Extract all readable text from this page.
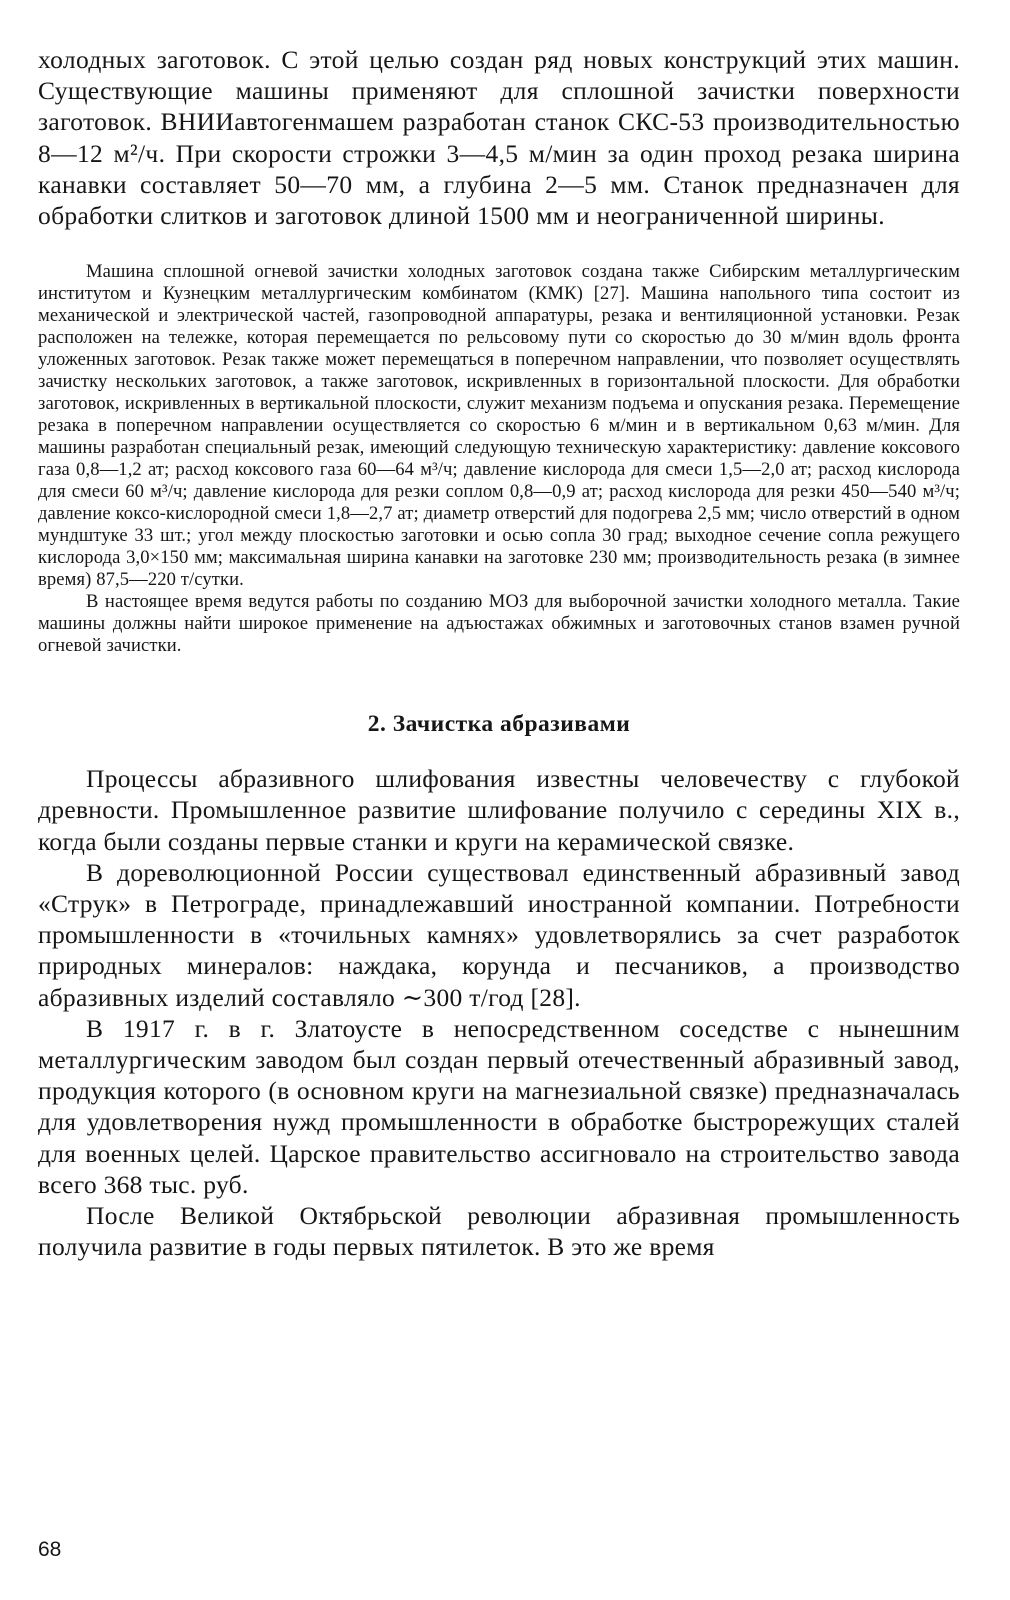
холодных заготовок. С этой целью создан ряд новых конструкций этих машин. Существующие машины применяют для сплошной зачистки поверхности заготовок. ВНИИавтогенмашем разработан станок СКС-53 производительностью 8—12 м²/ч. При скорости строжки 3—4,5 м/мин за один проход резака ширина канавки составляет 50—70 мм, а глубина 2—5 мм. Станок предназначен для обработки слитков и заготовок длиной 1500 мм и неограниченной ширины.

Машина сплошной огневой зачистки холодных заготовок создана также Сибирским металлургическим институтом и Кузнецким металлургическим комбинатом (КМК) [27]. Машина напольного типа состоит из механической и электрической частей, газопроводной аппаратуры, резака и вентиляционной установки. Резак расположен на тележке, которая перемещается по рельсовому пути со скоростью до 30 м/мин вдоль фронта уложенных заготовок. Резак также может перемещаться в поперечном направлении, что позволяет осуществлять зачистку нескольких заготовок, а также заготовок, искривленных в горизонтальной плоскости. Для обработки заготовок, искривленных в вертикальной плоскости, служит механизм подъема и опускания резака. Перемещение резака в поперечном направлении осуществляется со скоростью 6 м/мин и в вертикальном 0,63 м/мин. Для машины разработан специальный резак, имеющий следующую техническую характеристику: давление коксового газа 0,8—1,2 ат; расход коксового газа 60—64 м³/ч; давление кислорода для смеси 1,5—2,0 ат; расход кислорода для смеси 60 м³/ч; давление кислорода для резки соплом 0,8—0,9 ат; расход кислорода для резки 450—540 м³/ч; давление коксо-кислородной смеси 1,8—2,7 ат; диаметр отверстий для подогрева 2,5 мм; число отверстий в одном мундштуке 33 шт.; угол между плоскостью заготовки и осью сопла 30 град; выходное сечение сопла режущего кислорода 3,0×150 мм; максимальная ширина канавки на заготовке 230 мм; производительность резака (в зимнее время) 87,5—220 т/сутки.

В настоящее время ведутся работы по созданию МОЗ для выборочной зачистки холодного металла. Такие машины должны найти широкое применение на адъюстажах обжимных и заготовочных станов взамен ручной огневой зачистки.

2. Зачистка абразивами

Процессы абразивного шлифования известны человечеству с глубокой древности. Промышленное развитие шлифование получило с середины XIX в., когда были созданы первые станки и круги на керамической связке.

В дореволюционной России существовал единственный абразивный завод «Струк» в Петрограде, принадлежавший иностранной компании. Потребности промышленности в «точильных камнях» удовлетворялись за счет разработок природных минералов: наждака, корунда и песчаников, а производство абразивных изделий составляло ∼300 т/год [28].

В 1917 г. в г. Златоусте в непосредственном соседстве с нынешним металлургическим заводом был создан первый отечественный абразивный завод, продукция которого (в основном круги на магнезиальной связке) предназначалась для удовлетворения нужд промышленности в обработке быстрорежущих сталей для военных целей. Царское правительство ассигновало на строительство завода всего 368 тыс. руб.

После Великой Октябрьской революции абразивная промышленность получила развитие в годы первых пятилеток. В это же время

68
